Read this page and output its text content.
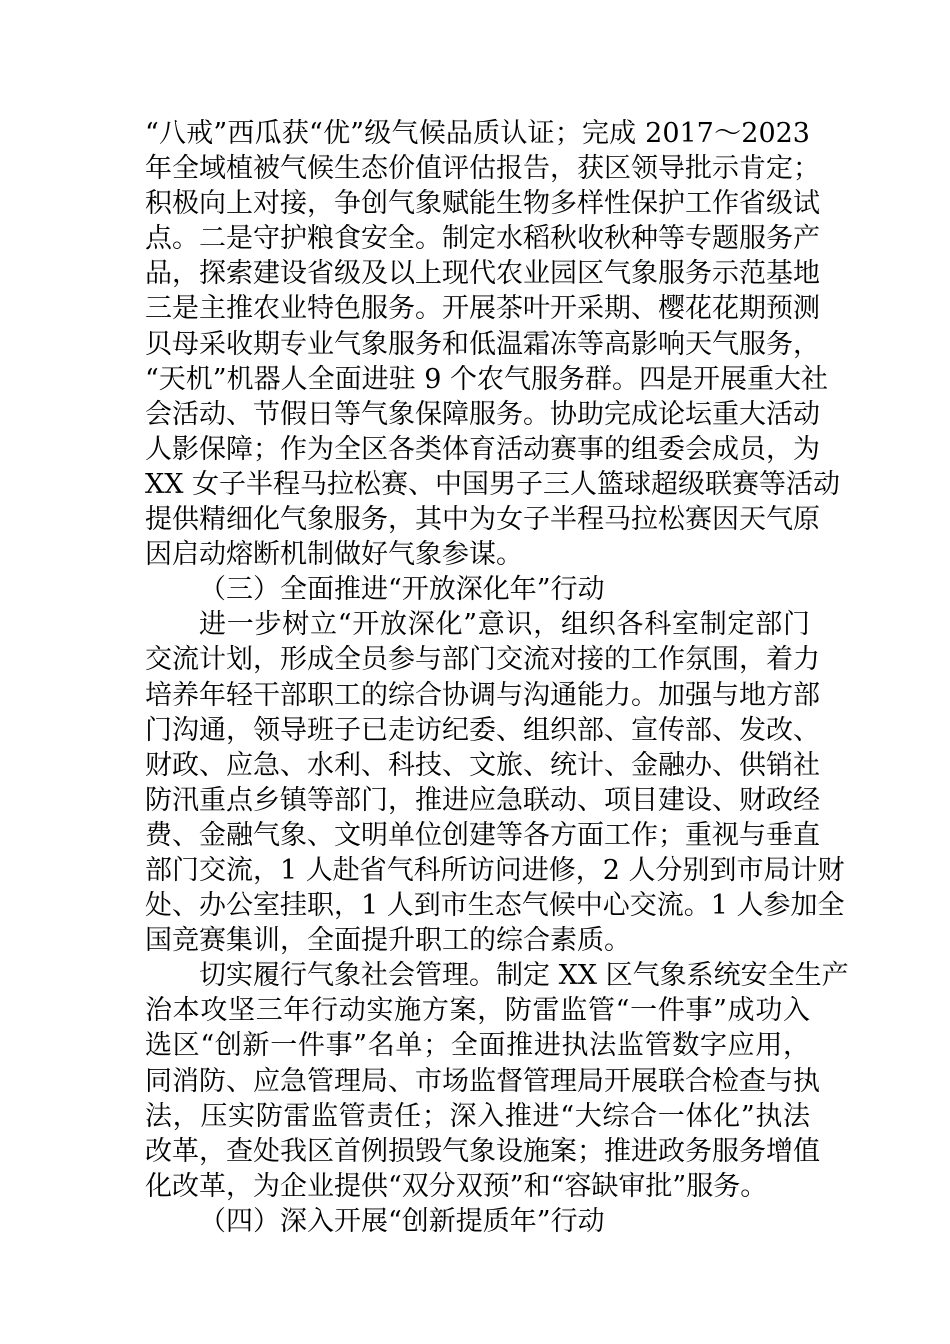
“八戒”西瓜获“优”级气候品质认证；完成 2017～2023
年全域植被气候生态价值评估报告，获区领导批示肯定；
积极向上对接，争创气象赋能生物多样性保护工作省级试
点。二是守护粮食安全。制定水稻秋收秋种等专题服务产
品，探索建设省级及以上现代农业园区气象服务示范基地
三是主推农业特色服务。开展茶叶开采期、樱花花期预测
贝母采收期专业气象服务和低温霜冻等高影响天气服务，
“天机”机器人全面进驻 9 个农气服务群。四是开展重大社
会活动、节假日等气象保障服务。协助完成论坛重大活动
人影保障；作为全区各类体育活动赛事的组委会成员，为
XX 女子半程马拉松赛、中国男子三人篮球超级联赛等活动
提供精细化气象服务，其中为女子半程马拉松赛因天气原
因启动熔断机制做好气象参谋。
（三）全面推进“开放深化年”行动
进一步树立“开放深化”意识，组织各科室制定部门
交流计划，形成全员参与部门交流对接的工作氛围，着力
培养年轻干部职工的综合协调与沟通能力。加强与地方部
门沟通，领导班子已走访纪委、组织部、宣传部、发改、
财政、应急、水利、科技、文旅、统计、金融办、供销社
防汛重点乡镇等部门，推进应急联动、项目建设、财政经
费、金融气象、文明单位创建等各方面工作；重视与垂直
部门交流，1 人赴省气科所访问进修，2 人分别到市局计财
处、办公室挂职，1 人到市生态气候中心交流。1 人参加全
国竞赛集训，全面提升职工的综合素质。
切实履行气象社会管理。制定 XX 区气象系统安全生产
治本攻坚三年行动实施方案，防雷监管“一件事”成功入
选区“创新一件事”名单；全面推进执法监管数字应用，
同消防、应急管理局、市场监督管理局开展联合检查与执
法，压实防雷监管责任；深入推进“大综合一体化”执法
改革，查处我区首例损毁气象设施案；推进政务服务增值
化改革，为企业提供“双分双预”和“容缺审批”服务。
（四）深入开展“创新提质年”行动
